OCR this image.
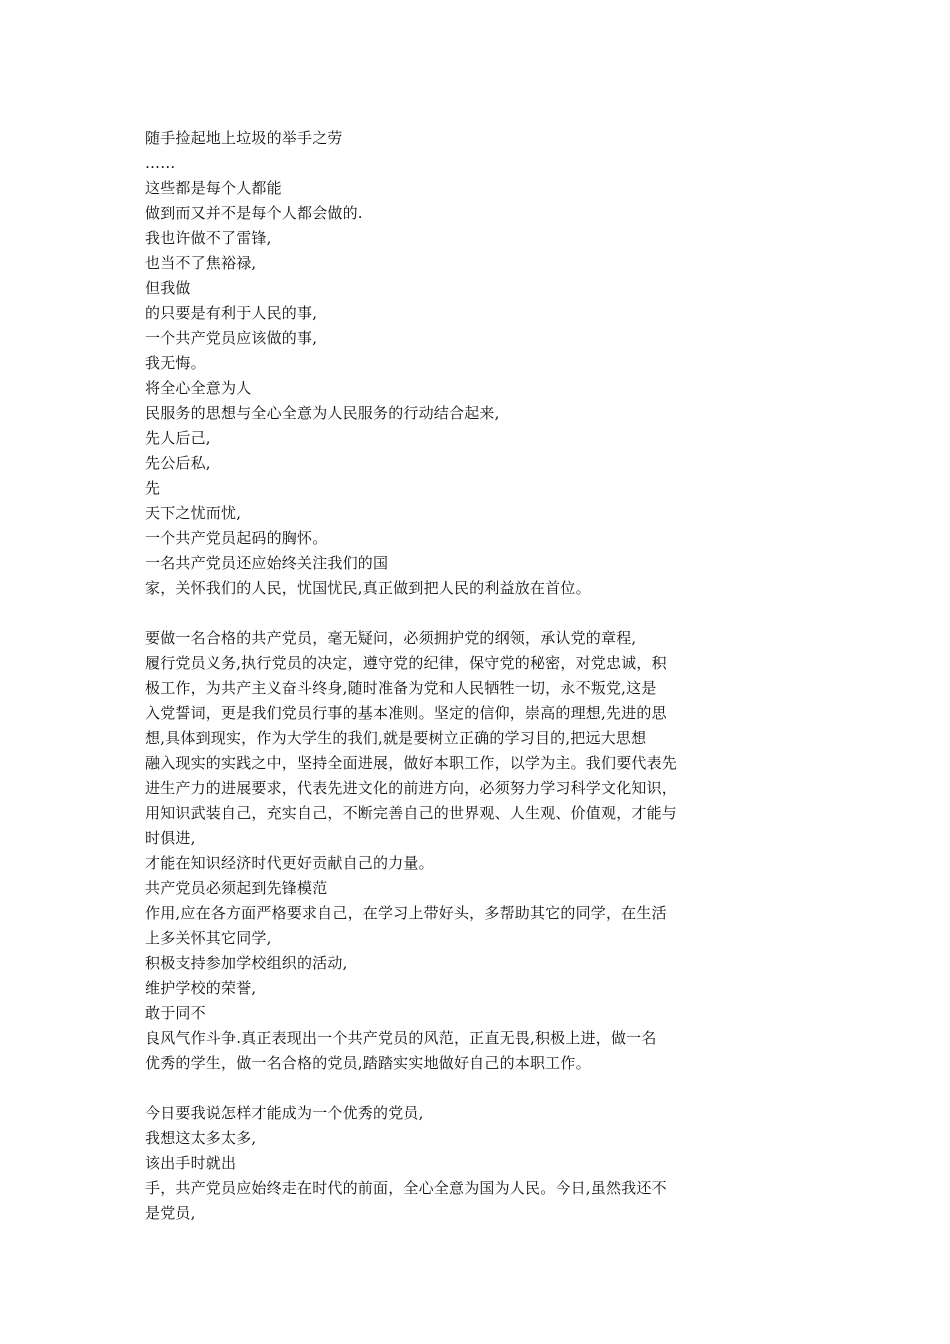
随手捡起地上垃圾的举手之劳
……
这些都是每个人都能
做到而又并不是每个人都会做的.
我也许做不了雷锋,
也当不了焦裕禄,
但我做
的只要是有利于人民的事,
一个共产党员应该做的事,
我无悔。
将全心全意为人
民服务的思想与全心全意为人民服务的行动结合起来,
先人后己,
先公后私,
先
天下之忧而忧,
一个共产党员起码的胸怀。
一名共产党员还应始终关注我们的国
家，关怀我们的人民，忧国忧民,真正做到把人民的利益放在首位。
要做一名合格的共产党员，毫无疑问，必须拥护党的纲领，承认党的章程,
履行党员义务,执行党员的决定，遵守党的纪律，保守党的秘密，对党忠诚，积
极工作，为共产主义奋斗终身,随时准备为党和人民牺牲一切，永不叛党,这是
入党誓词，更是我们党员行事的基本准则。坚定的信仰，崇高的理想,先进的思
想,具体到现实，作为大学生的我们,就是要树立正确的学习目的,把远大思想
融入现实的实践之中，坚持全面进展，做好本职工作，以学为主。我们要代表先
进生产力的进展要求，代表先进文化的前进方向，必须努力学习科学文化知识，
用知识武装自己，充实自己，不断完善自己的世界观、人生观、价值观，才能与
时俱进,
才能在知识经济时代更好贡献自己的力量。
共产党员必须起到先锋模范
作用,应在各方面严格要求自己，在学习上带好头，多帮助其它的同学，在生活
上多关怀其它同学,
积极支持参加学校组织的活动,
维护学校的荣誉,
敢于同不
良风气作斗争.真正表现出一个共产党员的风范，正直无畏,积极上进，做一名
优秀的学生，做一名合格的党员,踏踏实实地做好自己的本职工作。
今日要我说怎样才能成为一个优秀的党员,
我想这太多太多,
该出手时就出
手，共产党员应始终走在时代的前面，全心全意为国为人民。今日,虽然我还不
是党员,
